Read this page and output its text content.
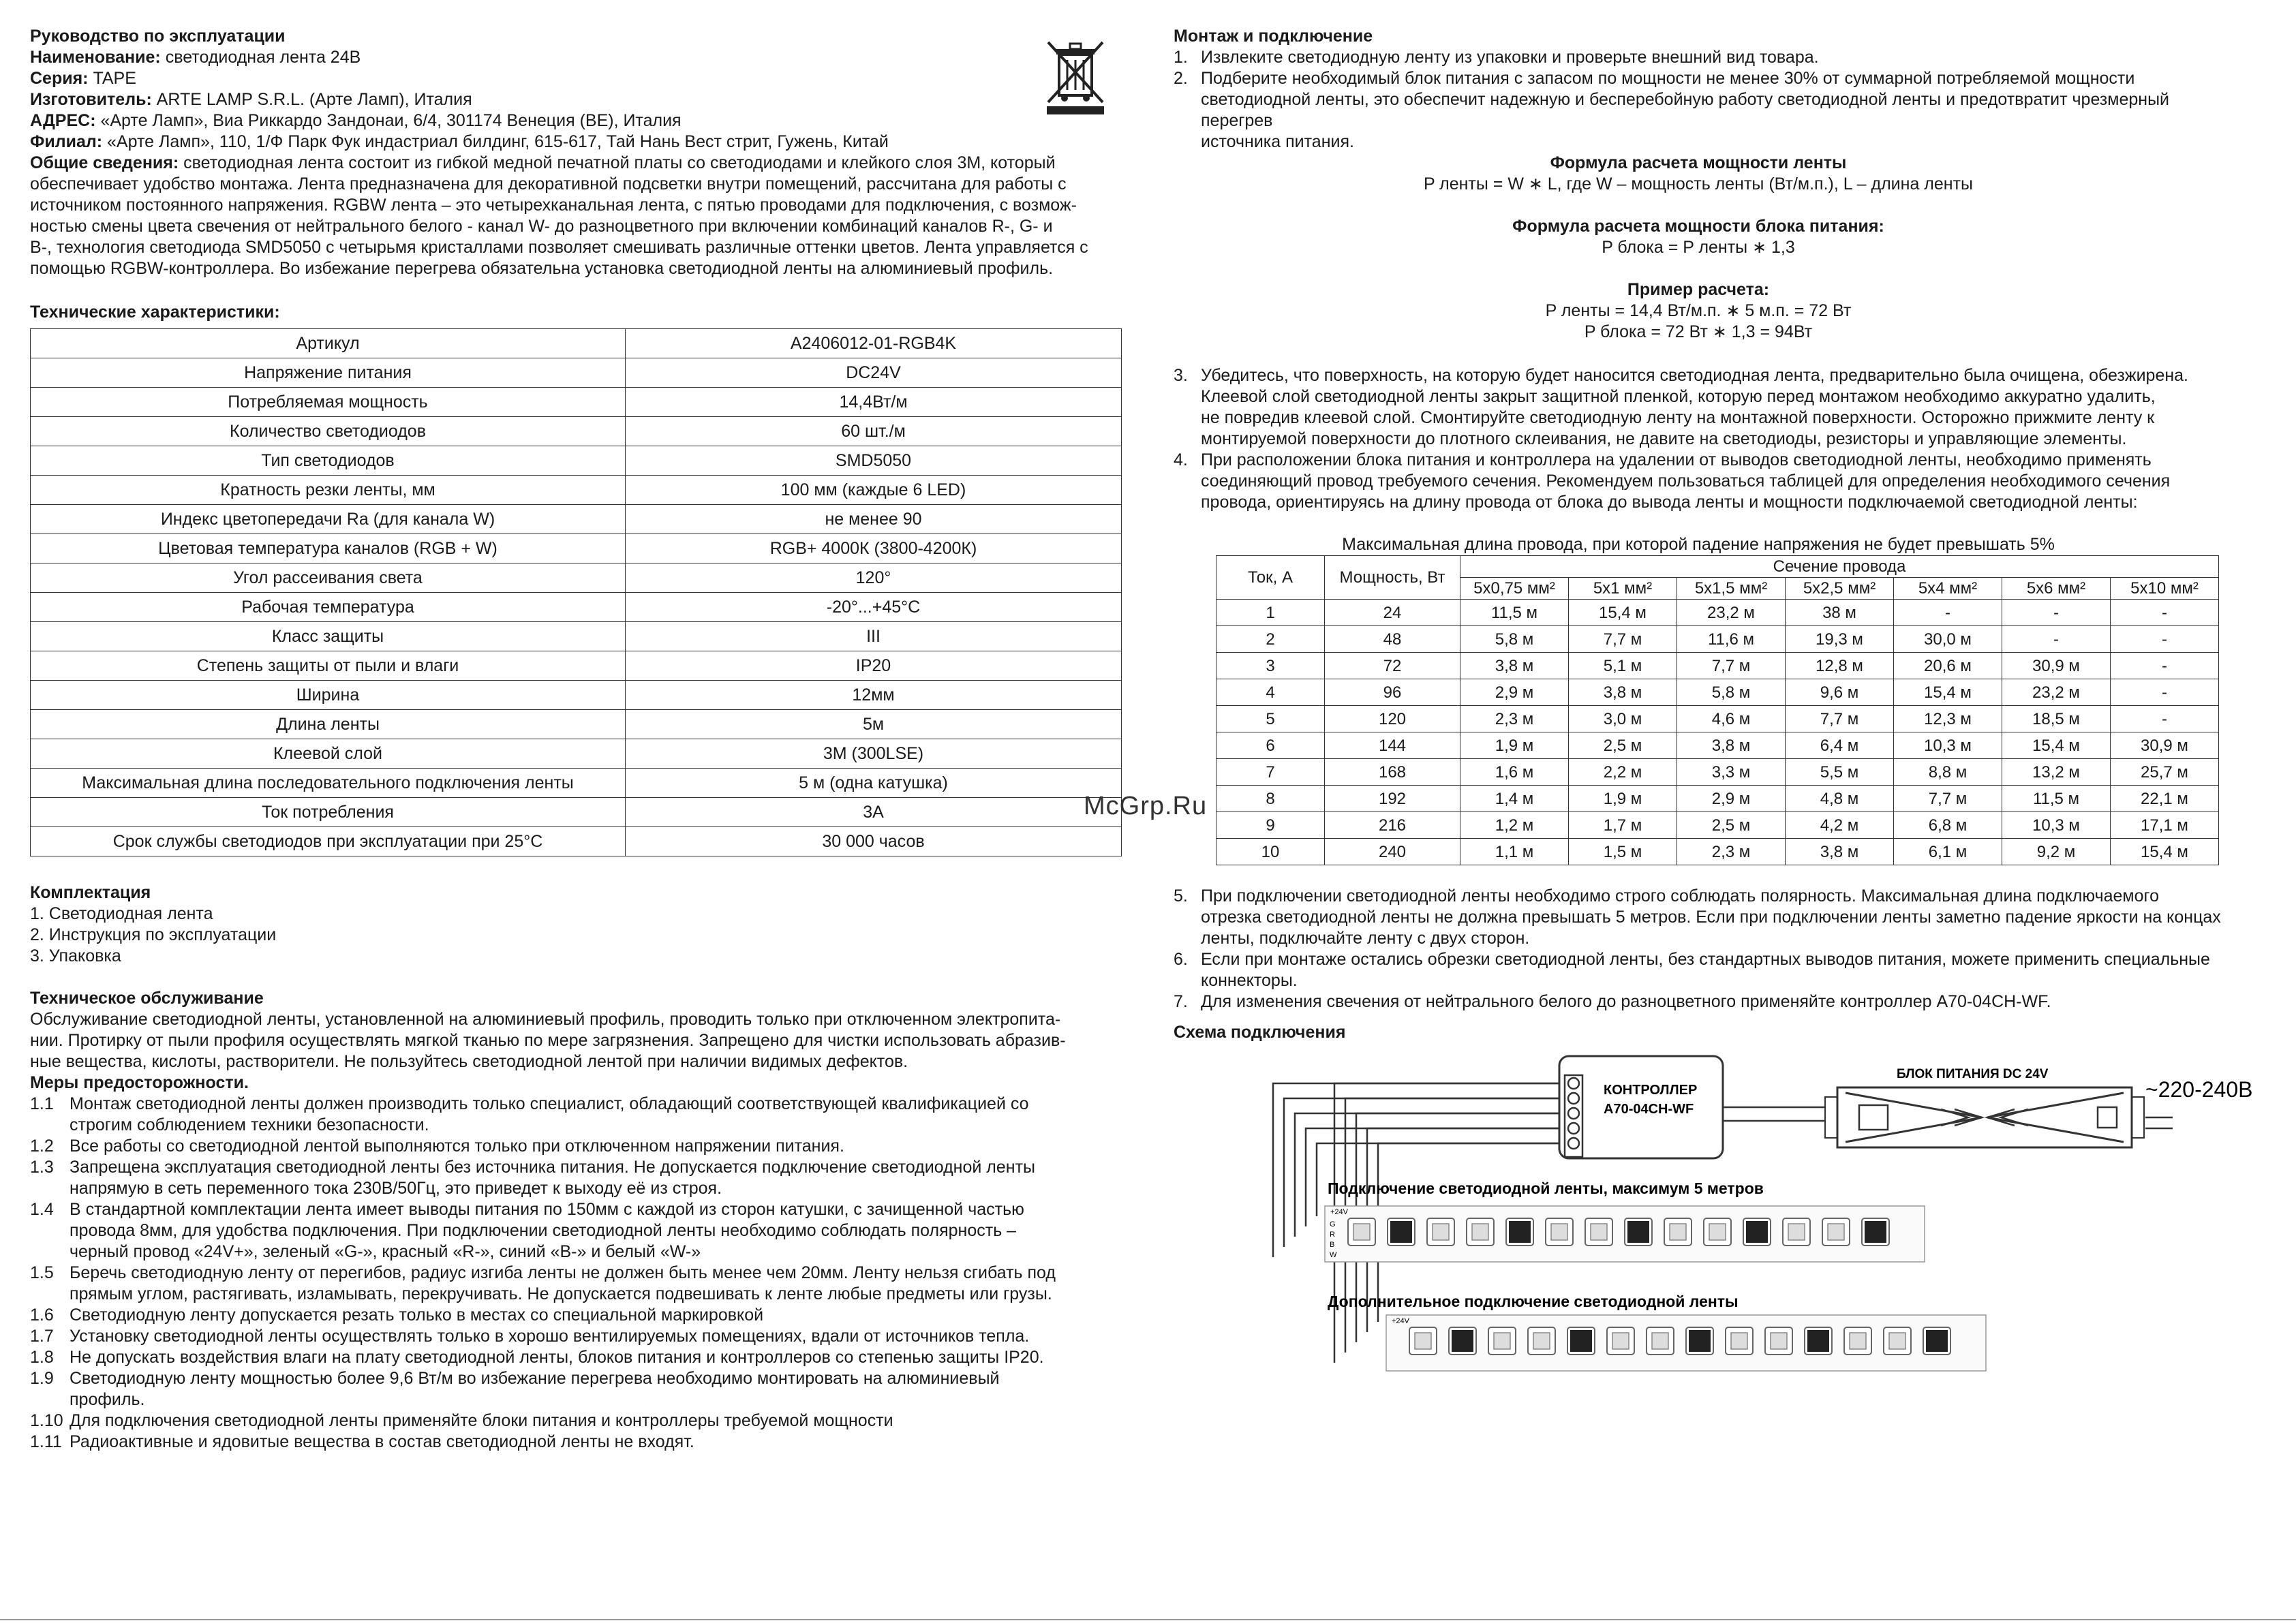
Руководство по эксплуатации

Наименование: светодиодная лента 24В

Серия: TAPE

Изготовитель: ARTE LAMP S.R.L. (Арте Ламп), Италия

АДРЕС: «Арте Ламп», Виа Риккардо Зандонаи, 6/4, 301174 Венеция (ВЕ), Италия

Филиал: «Арте Ламп», 110, 1/Ф Парк Фук индастриал билдинг, 615-617, Тай Нань Вест стрит, Гужень, Китай

Общие сведения: светодиодная лента состоит из гибкой медной печатной платы со светодиодами и клейкого слоя 3М, который

обеспечивает удобство монтажа. Лента предназначена для декоративной подсветки внутри помещений, рассчитана для работы с

источником постоянного напряжения. RGBW лента – это четырехканальная лента, с пятью проводами для подключения, с возмож-

ностью смены цвета свечения от нейтрального белого - канал W- до разноцветного при включении комбинаций каналов R-, G- и

B-, технология светодиода SMD5050 с четырьмя кристаллами позволяет смешивать различные оттенки цветов. Лента управляется с

помощью RGBW-контроллера. Во избежание перегрева обязательна установка светодиодной ленты на алюминиевый профиль.

Технические характеристики:

Артикул	A2406012-01-RGB4K
Напряжение питания	DC24V
Потребляемая мощность	14,4Вт/м
Количество светодиодов	60 шт./м
Тип светодиодов	SMD5050
Кратность резки ленты, мм	100 мм (каждые 6 LED)
Индекс цветопередачи Ra (для канала W)	не менее 90
Цветовая температура каналов (RGB + W)	RGB+ 4000К (3800-4200К)
Угол рассеивания света	120°
Рабочая температура	-20°...+45°С
Класс защиты	III
Степень защиты от пыли и влаги	IP20
Ширина	12мм
Длина ленты	5м
Клеевой слой	3M (300LSE)
Максимальная длина последовательного подключения ленты	5 м (одна катушка)
Ток потребления	3А
Срок службы светодиодов при эксплуатации при 25°С	30 000 часов

Комплектация

1. Светодиодная лента

2. Инструкция по эксплуатации

3. Упаковка

Техническое обслуживание

Обслуживание светодиодной ленты, установленной на алюминиевый профиль, проводить только при отключенном электропита-

нии. Протирку от пыли профиля осуществлять мягкой тканью по мере загрязнения. Запрещено для чистки использовать абразив-

ные вещества, кислоты, растворители. Не пользуйтесь светодиодной лентой при наличии видимых дефектов.

Меры предосторожности.

1.1 Монтаж светодиодной ленты должен производить только специалист, обладающий соответствующей квалификацией со
строгим соблюдением техники безопасности.
1.2 Все работы со светодиодной лентой выполняются только при отключенном напряжении питания.
1.3 Запрещена эксплуатация светодиодной ленты без источника питания. Не допускается подключение светодиодной ленты
напрямую в сеть переменного тока 230В/50Гц, это приведет к выходу её из строя.
1.4 В стандартной комплектации лента имеет выводы питания по 150мм с каждой из сторон катушки, с зачищенной частью
провода 8мм, для удобства подключения. При подключении светодиодной ленты необходимо соблюдать полярность –
черный провод «24V+», зеленый «G-», красный «R-», синий «B-» и белый «W-»
1.5 Беречь светодиодную ленту от перегибов, радиус изгиба ленты не должен быть менее чем 20мм. Ленту нельзя сгибать под
прямым углом, растягивать, изламывать, перекручивать. Не допускается подвешивать к ленте любые предметы или грузы.
1.6 Светодиодную ленту допускается резать только в местах со специальной маркировкой
1.7 Установку светодиодной ленты осуществлять только в хорошо вентилируемых помещениях, вдали от источников тепла.
1.8 Не допускать воздействия влаги на плату светодиодной ленты, блоков питания и контроллеров со степенью защиты IP20.
1.9 Светодиодную ленту мощностью более 9,6 Вт/м во избежание перегрева необходимо монтировать на алюминиевый
профиль.
1.10 Для подключения светодиодной ленты применяйте блоки питания и контроллеры требуемой мощности
1.11 Радиоактивные и ядовитые вещества в состав светодиодной ленты не входят.

Монтаж и подключение

1. Извлеките светодиодную ленту из упаковки и проверьте внешний вид товара.
2. Подберите необходимый блок питания с запасом по мощности не менее 30% от суммарной потребляемой мощности
светодиодной ленты, это обеспечит надежную и бесперебойную работу светодиодной ленты и предотвратит чрезмерный перегрев
источника питания.

Формула расчета мощности ленты

P ленты = W ∗ L, где W – мощность ленты (Вт/м.п.), L – длина ленты

Формула расчета мощности блока питания:

P блока = P ленты ∗ 1,3

Пример расчета:

P ленты = 14,4 Вт/м.п. ∗ 5 м.п. = 72 Вт

P блока = 72 Вт ∗ 1,3 = 94Вт

3. Убедитесь, что поверхность, на которую будет наносится светодиодная лента, предварительно была очищена, обезжирена.
Клеевой слой светодиодной ленты закрыт защитной пленкой, которую перед монтажом необходимо аккуратно удалить,
не повредив клеевой слой. Смонтируйте светодиодную ленту на монтажной поверхности. Осторожно прижмите ленту к
монтируемой поверхности до плотного склеивания, не давите на светодиоды, резисторы и управляющие элементы.
4. При расположении блока питания и контроллера на удалении от выводов светодиодной ленты, необходимо применять
соединяющий провод требуемого сечения. Рекомендуем пользоваться таблицей для определения необходимого сечения
провода, ориентируясь на длину провода от блока до вывода ленты и мощности подключаемой светодиодной ленты:

Максимальная длина провода, при которой падение напряжения не будет превышать 5%

Ток, А	Мощность, Вт	Сечение провода						
		5х0,75 мм²	5х1 мм²	5х1,5 мм²	5х2,5 мм²	5х4 мм²	5х6 мм²	5х10 мм²
1	24	11,5 м	15,4 м	23,2 м	38 м	-	-	-
2	48	5,8 м	7,7 м	11,6 м	19,3 м	30,0 м	-	-
3	72	3,8 м	5,1 м	7,7 м	12,8 м	20,6 м	30,9 м	-
4	96	2,9 м	3,8 м	5,8 м	9,6 м	15,4 м	23,2 м	-
5	120	2,3 м	3,0 м	4,6 м	7,7 м	12,3 м	18,5 м	-
6	144	1,9 м	2,5 м	3,8 м	6,4 м	10,3 м	15,4 м	30,9 м
7	168	1,6 м	2,2 м	3,3 м	5,5 м	8,8 м	13,2 м	25,7 м
8	192	1,4 м	1,9 м	2,9 м	4,8 м	7,7 м	11,5 м	22,1 м
9	216	1,2 м	1,7 м	2,5 м	4,2 м	6,8 м	10,3 м	17,1 м
10	240	1,1 м	1,5 м	2,3 м	3,8 м	6,1 м	9,2 м	15,4 м
5. При подключении светодиодной ленты необходимо строго соблюдать полярность. Максимальная длина подключаемого
отрезка светодиодной ленты не должна превышать 5 метров. Если при подключении ленты заметно падение яркости на концах
ленты, подключайте ленту с двух сторон.
6. Если при монтаже остались обрезки светодиодной ленты, без стандартных выводов питания, можете применить специальные
коннекторы.
7. Для изменения свечения от нейтрального белого до разноцветного применяйте контроллер A70-04CH-WF.

Схема подключения

McGrp.Ru
КОНТРОЛЛЕР
A70-04CH-WF
БЛОК ПИТАНИЯ DC 24V
~220-240В
Подключение светодиодной ленты, максимум 5 метров
+24V
G
R
B
W
Дополнительное подключение светодиодной ленты
+24V
